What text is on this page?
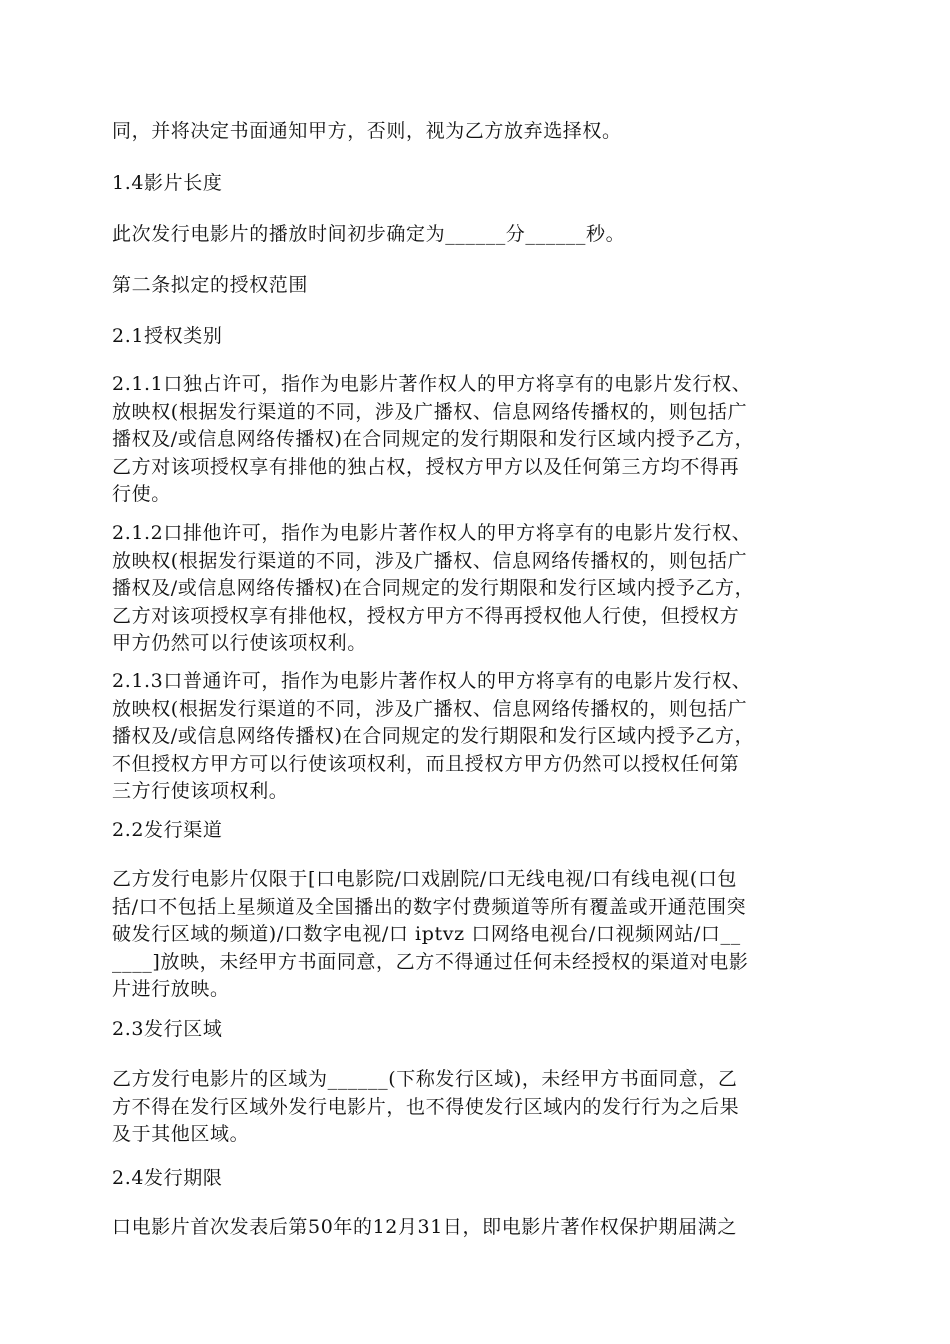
同，并将决定书面通知甲方，否则，视为乙方放弃选择权。

1.4影片长度

此次发行电影片的播放时间初步确定为______分______秒。

第二条拟定的授权范围

2.1授权类别

2.1.1口独占许可，指作为电影片著作权人的甲方将享有的电影片发行权、
放映权(根据发行渠道的不同，涉及广播权、信息网络传播权的，则包括广
播权及/或信息网络传播权)在合同规定的发行期限和发行区域内授予乙方，
乙方对该项授权享有排他的独占权，授权方甲方以及任何第三方均不得再
行使。

2.1.2口排他许可，指作为电影片著作权人的甲方将享有的电影片发行权、
放映权(根据发行渠道的不同，涉及广播权、信息网络传播权的，则包括广
播权及/或信息网络传播权)在合同规定的发行期限和发行区域内授予乙方，
乙方对该项授权享有排他权，授权方甲方不得再授权他人行使，但授权方
甲方仍然可以行使该项权利。

2.1.3口普通许可，指作为电影片著作权人的甲方将享有的电影片发行权、
放映权(根据发行渠道的不同，涉及广播权、信息网络传播权的，则包括广
播权及/或信息网络传播权)在合同规定的发行期限和发行区域内授予乙方，
不但授权方甲方可以行使该项权利，而且授权方甲方仍然可以授权任何第
三方行使该项权利。

2.2发行渠道

乙方发行电影片仅限于[口电影院/口戏剧院/口无线电视/口有线电视(口包
括/口不包括上星频道及全国播出的数字付费频道等所有覆盖或开通范围突
破发行区域的频道)/口数字电视/口 iptvz 口网络电视台/口视频网站/口__
____]放映，未经甲方书面同意，乙方不得通过任何未经授权的渠道对电影
片进行放映。

2.3发行区域

乙方发行电影片的区域为______(下称发行区域)，未经甲方书面同意，乙
方不得在发行区域外发行电影片，也不得使发行区域内的发行行为之后果
及于其他区域。

2.4发行期限

口电影片首次发表后第50年的12月31日，即电影片著作权保护期届满之
